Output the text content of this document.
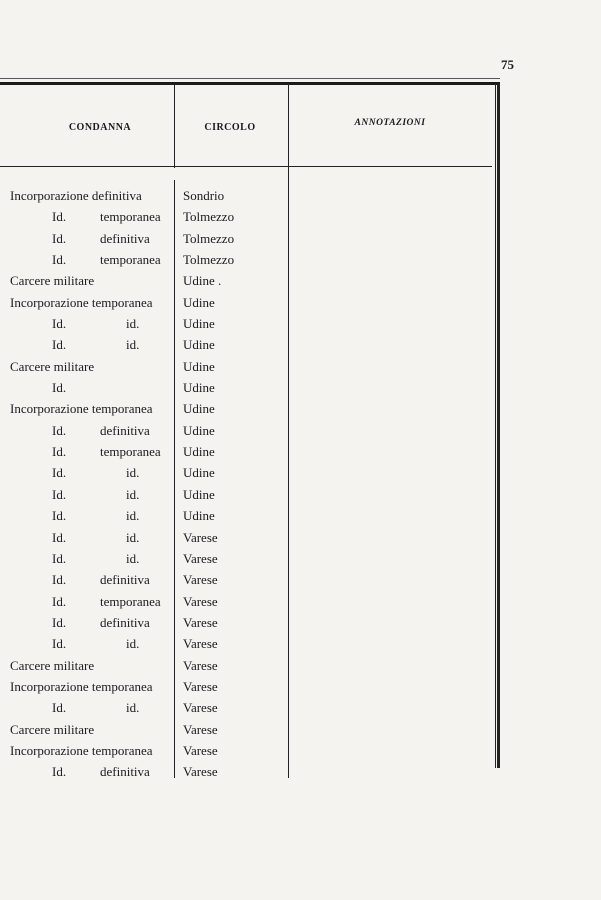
75
CONDANNA	CIRCOLO	ANNOTAZIONI
Incorporazione definitiva	Sondrio
Id.	temporanea Tolmezzo
Id.	definitiva	Tolmezzo
Id.	temporanea Tolmezzo
Carcere militare	Udine .
Incorporazione temporanea Udine
Id.	id.	Udine
Id.	id.	Udine
Carcere militare	Udine
Id.	Udine
Incorporazione temporanea Udine
Id.	definitiva	Udine
Id.	temporanea Udine
Id.	id.	Udine
Id.	id.	Udine
Id.	id.	Udine
Id.	id.	Varese
Id.	id.	Varese
Id.	definitiva	Varese
Id.	temporanea Varese
Id.	definitiva	Varese
Id.	id.	Varese
Carcere militare	Varese
Incorporazione temporanea Varese
Id.	id.	Varese
Carcere militare	Varese
Incorporazione temporanea Varese
Id.	definitiva	Varese
